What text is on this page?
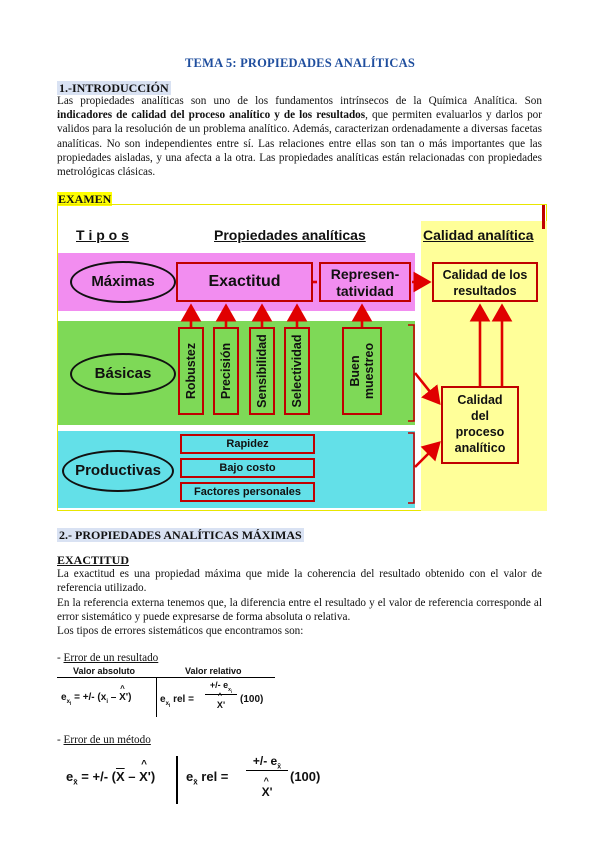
TEMA 5: PROPIEDADES ANALÍTICAS
1.-INTRODUCCIÓN
Las propiedades analíticas son uno de los fundamentos intrínsecos de la Química Analítica. Son indicadores de calidad del proceso analítico y de los resultados, que permiten evaluarlos y darlos por validos para la resolución de un problema analítico. Además, caracterizan ordenadamente a diversas facetas analíticas. No son independientes entre sí. Las relaciones entre ellas son tan o más importantes que las propiedades aisladas, y una afecta a la otra. Las propiedades analíticas están relacionadas con propiedades metrológicas clásicas.
EXAMEN
T i p o s	Propiedades analíticas	Calidad analítica
Máximas	Exactitud	Represen-
tatividad
Calidad de los
resultados
Básicas	Robustez Precisión Sensibilidad Selectividad	Buen muestreo
Calidad
del
proceso
analítico
Productivas
Rapidez
Bajo costo
Factores personales
2.- PROPIEDADES ANALÍTICAS MÁXIMAS
EXACTITUD
La exactitud es una propiedad máxima que mide la coherencia del resultado obtenido con el valor de referencia utilizado.
En la referencia externa tenemos que, la diferencia entre el resultado y el valor de referencia corresponde al error sistemático y puede expresarse de forma absoluta o relativa.
Los tipos de errores sistemáticos que encontramos son:
- Error de un resultado
Valor absoluto	Valor relativo
$e_{x_i}$ = +/- ($x_i$ – X
^
')	$e_{x_i}$ rel =
+/- $e_{x_i}$
X
^
'	(100)
- Error de un método
$e_{x̄}$ = +/- ($\overline{X}$ – X
^
') $e_{x̄}$ rel =
+/- $e_{x̄}$
X
^
'
(100)
